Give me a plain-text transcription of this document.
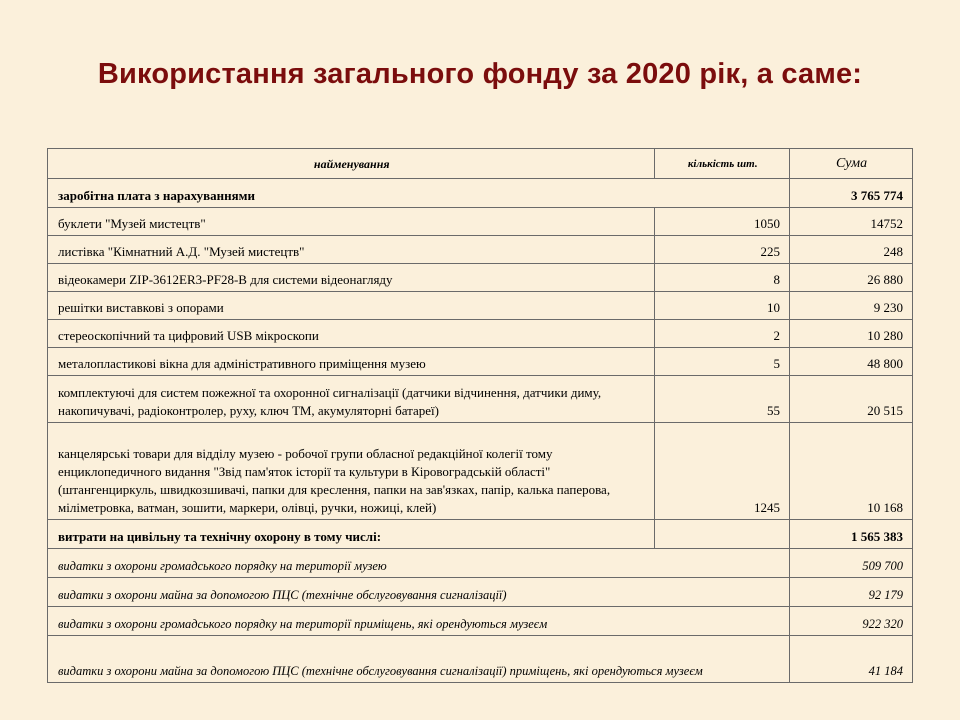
Використання загального фонду за 2020 рік, а саме:
найменування	кількість шт.	Сума
заробітна плата з нарахуваннями		3 765 774
буклети "Музей мистецтв"	1050	14752
листівка "Кімнатний А.Д. "Музей мистецтв"	225	248
відеокамери ZIP-3612ER3-PF28-B для системи відеонагляду	8	26 880
решітки виставкові з опорами	10	9 230
стереоскопічний та цифровий USB мікроскопи	2	10 280
металопластикові вікна для адміністративного приміщення музею	5	48 800
комплектуючі для систем пожежної та охоронної сигналізації (датчики відчинення, датчики диму, накопичувачі, радіоконтролер, руху, ключ ТМ, акумуляторні батареї)	55	20 515
канцелярські товари для відділу музею - робочої групи обласної редакційної колегії тому енциклопедичного видання "Звід пам'яток історії та культури в Кіровоградській області" (штангенциркуль, швидкозшивачі, папки для креслення, папки на зав'язках, папір, калька паперова, міліметровка, ватман, зошити, маркери, олівці, ручки, ножиці, клей)	1245	10 168
витрати на цивільну та технічну охорону в тому числі:		1 565 383
видатки з охорони громадського порядку на території музею		509 700
видатки з охорони майна за допомогою ПЦС (технічне обслуговування сигналізації)		92 179
видатки з охорони громадського порядку на території приміщень, які орендуються музеєм		922 320
видатки з охорони майна за допомогою ПЦС (технічне обслуговування сигналізації) приміщень, які орендуються музеєм		41 184
